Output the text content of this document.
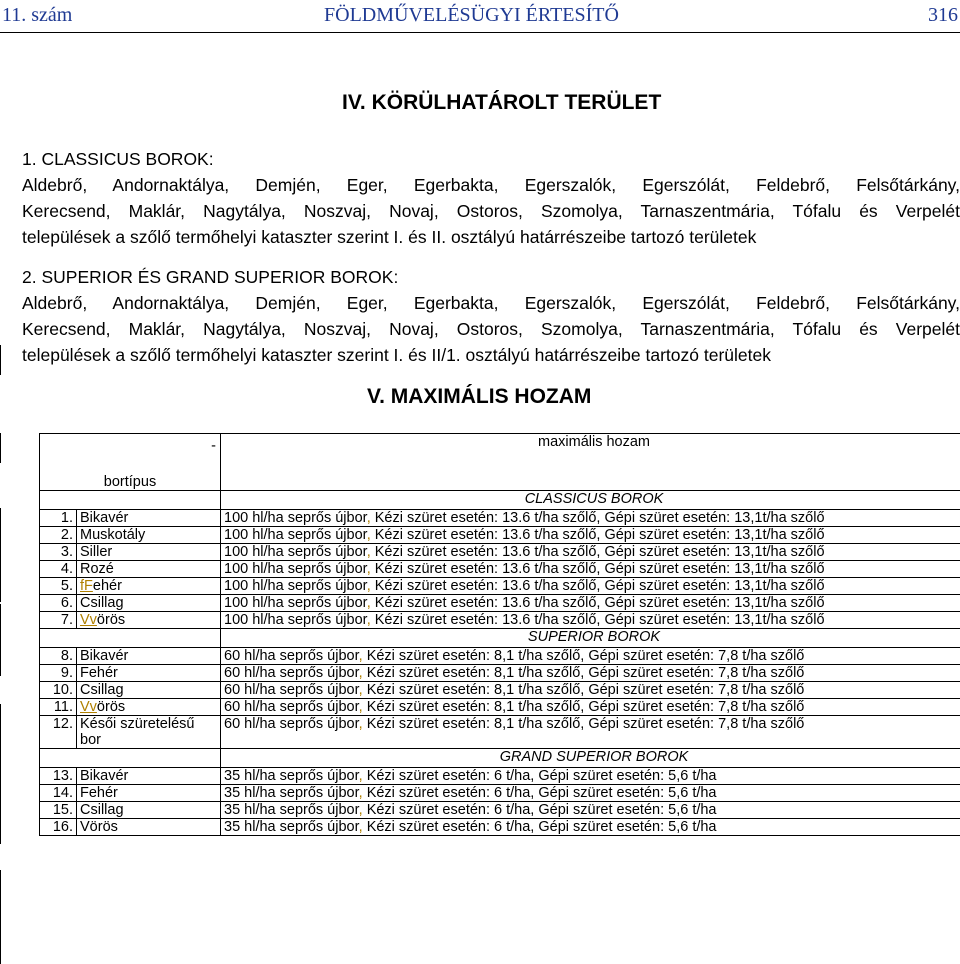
11. szám	FÖLDMŰVELÉSÜGYI ÉRTESÍTŐ	316
IV. KÖRÜLHATÁROLT TERÜLET
1. CLASSICUS BOROK:
Aldebrő, Andornaktálya, Demjén, Eger, Egerbakta, Egerszalók, Egerszólát, Feldebrő, Felsőtárkány,
Kerecsend, Maklár, Nagytálya, Noszvaj, Novaj, Ostoros, Szomolya, Tarnaszentmária, Tófalu és Verpelét
települések a szőlő termőhelyi kataszter szerint I. és II. osztályú határrészeibe tartozó területek
2. SUPERIOR ÉS GRAND SUPERIOR BOROK:
Aldebrő, Andornaktálya, Demjén, Eger, Egerbakta, Egerszalók, Egerszólát, Feldebrő, Felsőtárkány,
Kerecsend, Maklár, Nagytálya, Noszvaj, Novaj, Ostoros, Szomolya, Tarnaszentmária, Tófalu és Verpelét
települések a szőlő termőhelyi kataszter szerint I. és II/1. osztályú határrészeibe tartozó területek
V. MAXIMÁLIS HOZAM
-
bortípus		maximális hozam
		CLASSICUS BOROK
1.	Bikavér	100 hl/ha seprős újbor, Kézi szüret esetén: 13.6 t/ha szőlő, Gépi szüret esetén: 13,1t/ha szőlő
2.	Muskotály	100 hl/ha seprős újbor, Kézi szüret esetén: 13.6 t/ha szőlő, Gépi szüret esetén: 13,1t/ha szőlő
3.	Siller	100 hl/ha seprős újbor, Kézi szüret esetén: 13.6 t/ha szőlő, Gépi szüret esetén: 13,1t/ha szőlő
4.	Rozé	100 hl/ha seprős újbor, Kézi szüret esetén: 13.6 t/ha szőlő, Gépi szüret esetén: 13,1t/ha szőlő
5.	fFehér	100 hl/ha seprős újbor, Kézi szüret esetén: 13.6 t/ha szőlő, Gépi szüret esetén: 13,1t/ha szőlő
6.	Csillag	100 hl/ha seprős újbor, Kézi szüret esetén: 13.6 t/ha szőlő, Gépi szüret esetén: 13,1t/ha szőlő
7.	Vvörös	100 hl/ha seprős újbor, Kézi szüret esetén: 13.6 t/ha szőlő, Gépi szüret esetén: 13,1t/ha szőlő
		SUPERIOR BOROK
8.	Bikavér	60 hl/ha seprős újbor, Kézi szüret esetén: 8,1 t/ha szőlő, Gépi szüret esetén: 7,8 t/ha szőlő
9.	Fehér	60 hl/ha seprős újbor, Kézi szüret esetén: 8,1 t/ha szőlő, Gépi szüret esetén: 7,8 t/ha szőlő
10.	Csillag	60 hl/ha seprős újbor, Kézi szüret esetén: 8,1 t/ha szőlő, Gépi szüret esetén: 7,8 t/ha szőlő
11.	Vvörös	60 hl/ha seprős újbor, Kézi szüret esetén: 8,1 t/ha szőlő, Gépi szüret esetén: 7,8 t/ha szőlő
12.	Késői szüretelésű bor	60 hl/ha seprős újbor, Kézi szüret esetén: 8,1 t/ha szőlő, Gépi szüret esetén: 7,8 t/ha szőlő
		GRAND SUPERIOR BOROK
13.	Bikavér	35 hl/ha seprős újbor, Kézi szüret esetén: 6 t/ha, Gépi szüret esetén: 5,6 t/ha
14.	Fehér	35 hl/ha seprős újbor, Kézi szüret esetén: 6 t/ha, Gépi szüret esetén: 5,6 t/ha
15.	Csillag	35 hl/ha seprős újbor, Kézi szüret esetén: 6 t/ha, Gépi szüret esetén: 5,6 t/ha
16.	Vörös	35 hl/ha seprős újbor, Kézi szüret esetén: 6 t/ha, Gépi szüret esetén: 5,6 t/ha
